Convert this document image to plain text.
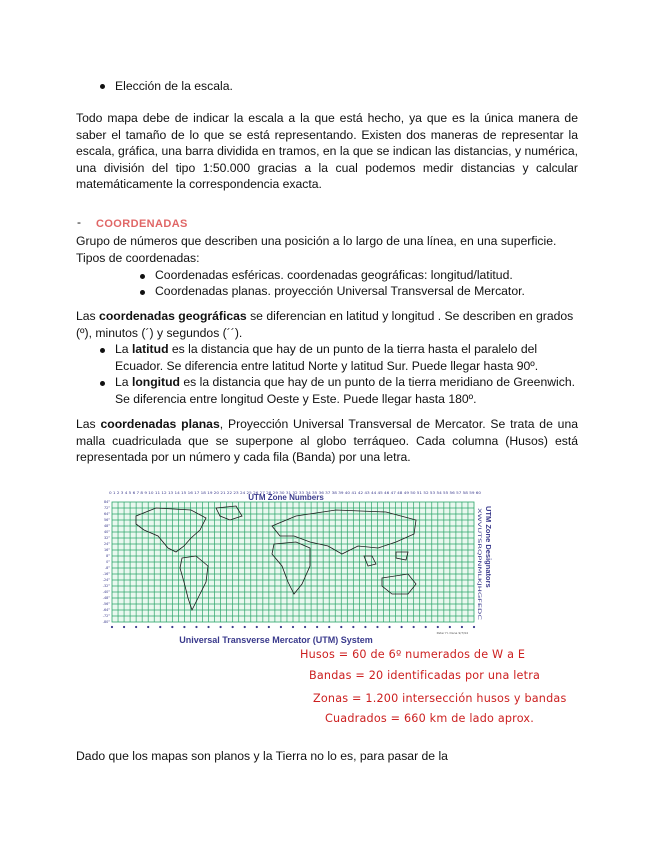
Elección de la escala.

Todo mapa debe de indicar la escala a la que está hecho, ya que es la única manera de saber el tamaño de lo que se está representando. Existen dos maneras de representar la escala, gráfica, una barra dividida en tramos, en la que se indican las distancias, y numérica, una división del tipo 1:50.000 gracias a la cual podemos medir distancias y calcular matemáticamente la correspondencia exacta.

- COORDENADAS

Grupo de números que describen una posición a lo largo de una línea, en una superficie. Tipos de coordenadas:

Coordenadas esféricas. coordenadas geográficas: longitud/latitud.
Coordenadas planas. proyección Universal Transversal de Mercator.

Las coordenadas geográficas se diferencian en latitud y longitud . Se describen en grados (º), minutos (´) y segundos (´´).

La latitud es la distancia que hay de un punto de la tierra hasta el paralelo del Ecuador. Se diferencia entre latitud Norte y latitud Sur. Puede llegar hasta 90º.
La longitud es la distancia que hay de un punto de la tierra meridiano de Greenwich. Se diferencia entre longitud Oeste y Este. Puede llegar hasta 180º.

Las coordenadas planas, Proyección Universal Transversal de Mercator. Se trata de una malla cuadriculada que se superpone al globo terráqueo. Cada columna (Husos) está representada por un número y cada fila (Banda) por una letra.

0 1 2 3 4 5 6 7 8 9 10 11 12 13 14 15 16 17 18 19 20 21 22 23 24 25 26 27 28 29 30 31 32 33 34 35 36 37 38 39 40 41 42 43 44 45 46 47 48 49 50 51 52 53 54 55 56 57 58 59 60
UTM Zone Numbers
84°
72°
64°
56°
48°
40°
32°
24°
16°
8°
0°
-8°
-16°
-24°
-32°
-40°
-48°
-56°
-64°
-72°
-80°
XWVUTSRQPNMLKJHGFEDC UTM Zone Designators
Peter H. Dana 9/7/94
Universal Transverse Mercator (UTM) System
Husos = 60 de 6º numerados de W a E
Bandas = 20 identificadas por una letra
Zonas = 1.200 intersección husos y bandas
Cuadrados = 660 km de lado aprox.

Dado que los mapas son planos y la Tierra no lo es, para pasar de la
